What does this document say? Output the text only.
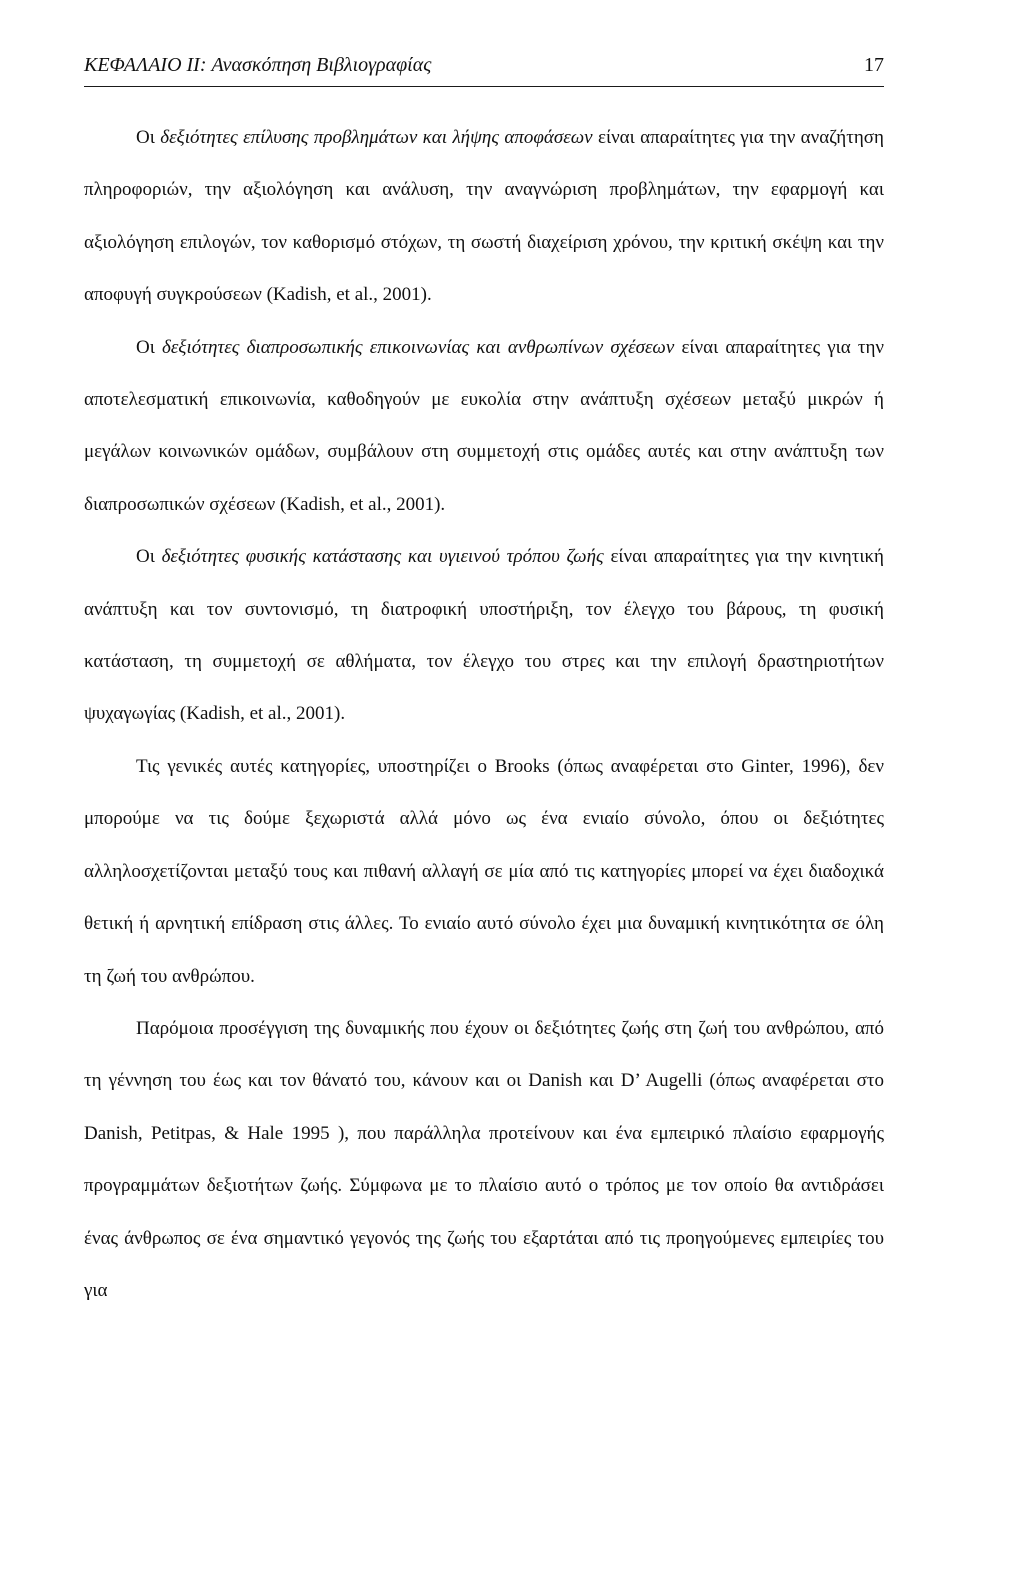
ΚΕΦΑΛΑΙΟ II: Ανασκόπηση Βιβλιογραφίας	17

Οι δεξιότητες επίλυσης προβλημάτων και λήψης αποφάσεων είναι απαραίτητες για την αναζήτηση πληροφοριών, την αξιολόγηση και ανάλυση, την αναγνώριση προβλημάτων, την εφαρμογή και αξιολόγηση επιλογών, τον καθορισμό στόχων, τη σωστή διαχείριση χρόνου, την κριτική σκέψη και την αποφυγή συγκρούσεων (Kadish, et al., 2001).

Οι δεξιότητες διαπροσωπικής επικοινωνίας και ανθρωπίνων σχέσεων είναι απαραίτητες για την αποτελεσματική επικοινωνία, καθοδηγούν με ευκολία στην ανάπτυξη σχέσεων μεταξύ μικρών ή μεγάλων κοινωνικών ομάδων, συμβάλουν στη συμμετοχή στις ομάδες αυτές και στην ανάπτυξη των διαπροσωπικών σχέσεων (Kadish, et al., 2001).

Οι δεξιότητες φυσικής κατάστασης και υγιεινού τρόπου ζωής είναι απαραίτητες για την κινητική ανάπτυξη και τον συντονισμό, τη διατροφική υποστήριξη, τον έλεγχο του βάρους, τη φυσική κατάσταση, τη συμμετοχή σε αθλήματα, τον έλεγχο του στρες και την επιλογή δραστηριοτήτων ψυχαγωγίας (Kadish, et al., 2001).

Τις γενικές αυτές κατηγορίες, υποστηρίζει ο Brooks (όπως αναφέρεται στο Ginter, 1996), δεν μπορούμε να τις δούμε ξεχωριστά αλλά μόνο ως ένα ενιαίο σύνολο, όπου οι δεξιότητες αλληλοσχετίζονται μεταξύ τους και πιθανή αλλαγή σε μία από τις κατηγορίες μπορεί να έχει διαδοχικά θετική ή αρνητική επίδραση στις άλλες. Το ενιαίο αυτό σύνολο έχει μια δυναμική κινητικότητα σε όλη τη ζωή του ανθρώπου.

Παρόμοια προσέγγιση της δυναμικής που έχουν οι δεξιότητες ζωής στη ζωή του ανθρώπου, από τη γέννηση του έως και τον θάνατό του, κάνουν και οι Danish και D’ Augelli (όπως αναφέρεται στο Danish, Petitpas, & Hale 1995 ), που παράλληλα προτείνουν και ένα εμπειρικό πλαίσιο εφαρμογής προγραμμάτων δεξιοτήτων ζωής. Σύμφωνα με το πλαίσιο αυτό ο τρόπος με τον οποίο θα αντιδράσει ένας άνθρωπος σε ένα σημαντικό γεγονός της ζωής του εξαρτάται από τις προηγούμενες εμπειρίες του για
